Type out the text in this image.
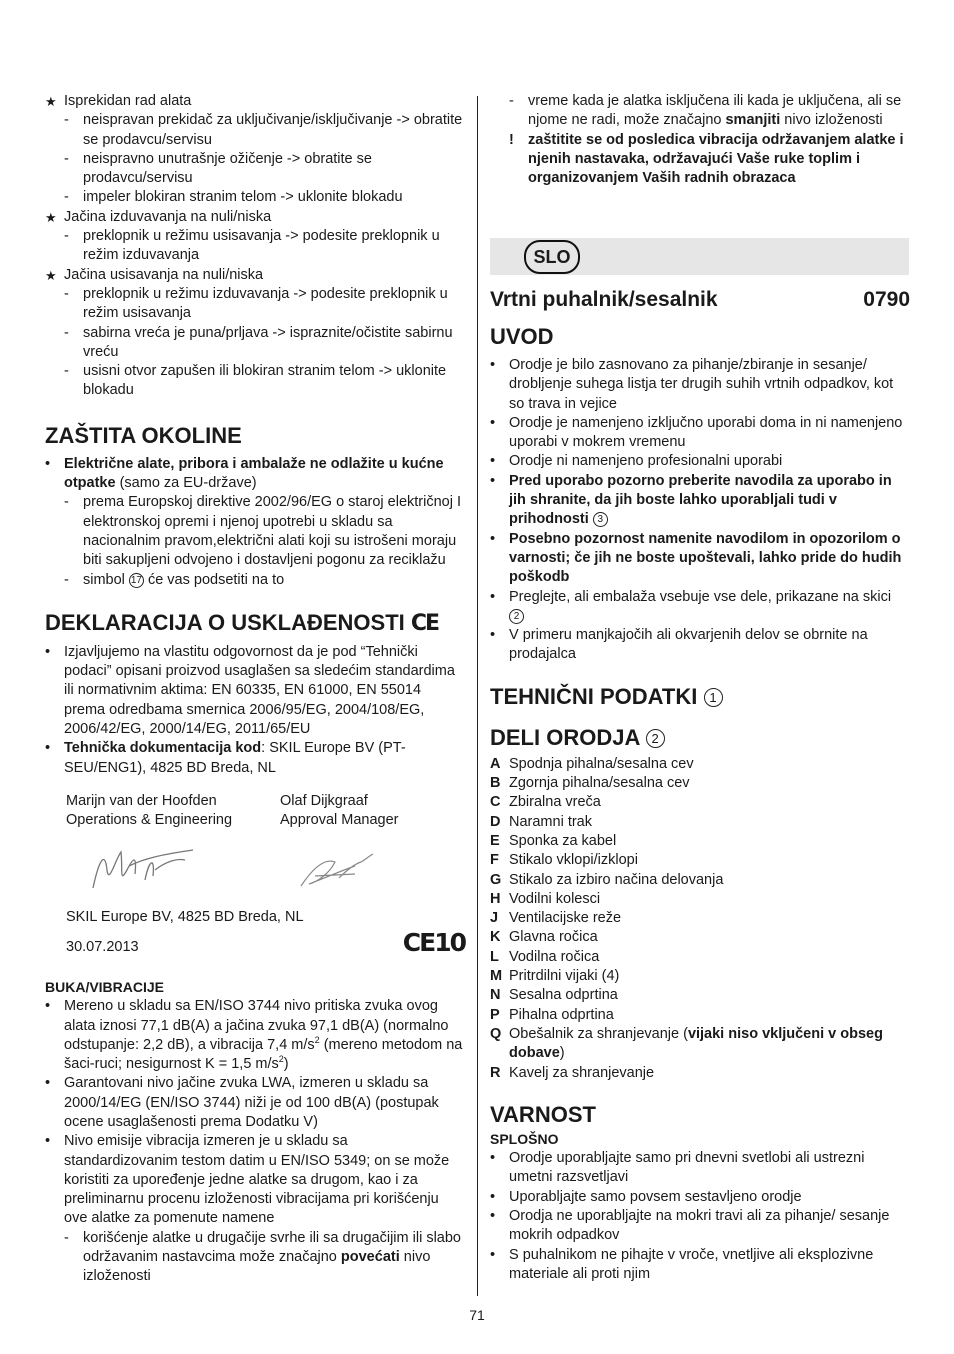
★ Isprekidan rad alata
- neispravan prekidač za uključivanje/isključivanje -> obratite se prodavcu/servisu
- neispravno unutrašnje ožičenje -> obratite se prodavcu/servisu
- impeler blokiran stranim telom -> uklonite blokadu
★ Jačina izduvavanja na nuli/niska
- preklopnik u režimu usisavanja -> podesite preklopnik u režim izduvavanja
★ Jačina usisavanja na nuli/niska
- preklopnik u režimu izduvavanja -> podesite preklopnik u režim usisavanja
- sabirna vreća je puna/prljava -> ispraznite/očistite sabirnu vreću
- usisni otvor zapušen ili blokiran stranim telom -> uklonite blokadu
ZAŠTITA OKOLINE
• Električne alate, pribora i ambalaže ne odlažite u kućne otpatke (samo za EU-države)
- prema Europskoj direktive 2002/96/EG o staroj električnoj I elektronskoj opremi i njenoj upotrebi u skladu sa nacionalnim pravom,električni alati koji su istrošeni moraju biti sakupljeni odvojeno i dostavljeni pogonu za reciklažu
- simbol 17 će vas podsetiti na to
DEKLARACIJA O USKLAĐENOSTI CE
• Izjavljujemo na vlastitu odgovornost da je pod “Tehnički podaci” opisani proizvod usaglašen sa sledećim standardima ili normativnim aktima: EN 60335, EN 61000, EN 55014 prema odredbama smernica 2006/95/EG, 2004/108/EG, 2006/42/EG, 2000/14/EG, 2011/65/EU
• Tehnička dokumentacija kod: SKIL Europe BV (PT-SEU/ENG1), 4825 BD Breda, NL
Marijn van der Hoofden
Operations & Engineering
Olaf Dijkgraaf
Approval Manager
SKIL Europe BV, 4825 BD Breda, NL
30.07.2013	CE10
BUKA/VIBRACIJE
• Mereno u skladu sa EN/ISO 3744 nivo pritiska zvuka ovog alata iznosi 77,1 dB(A) a jačina zvuka 97,1 dB(A) (normalno odstupanje: 2,2 dB), a vibracija 7,4 $m/s^2$ (mereno metodom na šaci-ruci; nesigurnost K = 1,5 $m/s^2$)
• Garantovani nivo jačine zvuka LWA, izmeren u skladu sa 2000/14/EG (EN/ISO 3744) niži je od 100 dB(A) (postupak ocene usaglašenosti prema Dodatku V)
• Nivo emisije vibracija izmeren je u skladu sa standardizovanim testom datim u EN/ISO 5349; on se može koristiti za upoređenje jedne alatke sa drugom, kao i za preliminarnu procenu izloženosti vibracijama pri korišćenju ove alatke za pomenute namene
- korišćenje alatke u drugačije svrhe ili sa drugačijim ili slabo održavanim nastavcima može značajno povećati nivo izloženosti
SLO
- vreme kada je alatka isključena ili kada je uključena, ali se njome ne radi, može značajno smanjiti nivo izloženosti
! zaštitite se od posledica vibracija održavanjem alatke i njenih nastavaka, održavajući Vaše ruke toplim i organizovanjem Vaših radnih obrazaca
Vrtni puhalnik/sesalnik	0790
UVOD
• Orodje je bilo zasnovano za pihanje/zbiranje in sesanje/ drobljenje suhega listja ter drugih suhih vrtnih odpadkov, kot so trava in vejice
• Orodje je namenjeno izključno uporabi doma in ni namenjeno uporabi v mokrem vremenu
• Orodje ni namenjeno profesionalni uporabi
• Pred uporabo pozorno preberite navodila za uporabo in jih shranite, da jih boste lahko uporabljali tudi v prihodnosti 3
• Posebno pozornost namenite navodilom in opozorilom o varnosti; če jih ne boste upoštevali, lahko pride do hudih poškodb
• Preglejte, ali embalaža vsebuje vse dele, prikazane na skici 2
• V primeru manjkajočih ali okvarjenih delov se obrnite na prodajalca
TEHNIČNI PODATKI 1
DELI ORODJA 2
A Spodnja pihalna/sesalna cev
B Zgornja pihalna/sesalna cev
C Zbiralna vreča
D Naramni trak
E Sponka za kabel
F Stikalo vklopi/izklopi
G Stikalo za izbiro načina delovanja
H Vodilni kolesci
J Ventilacijske reže
K Glavna ročica
L Vodilna ročica
M Pritrdilni vijaki (4)
N Sesalna odprtina
P Pihalna odprtina
Q Obešalnik za shranjevanje (vijaki niso vključeni v obseg dobave)
R Kavelj za shranjevanje
VARNOST
SPLOŠNO
• Orodje uporabljajte samo pri dnevni svetlobi ali ustrezni umetni razsvetljavi
• Uporabljajte samo povsem sestavljeno orodje
• Orodja ne uporabljajte na mokri travi ali za pihanje/ sesanje mokrih odpadkov
• S puhalnikom ne pihajte v vroče, vnetljive ali eksplozivne materiale ali proti njim
71
